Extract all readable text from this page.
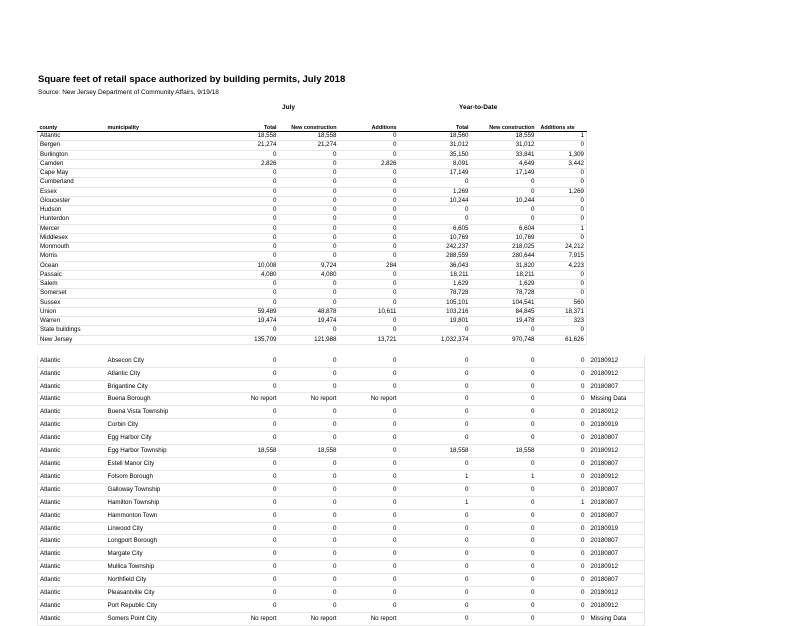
Square feet of retail space authorized by building permits, July 2018
Source: New Jersey Department of Community Affairs, 9/19/18
July	Year-to-Date
county	municipality	Total	New construction	Additions		Total	New construction	Additions ste	
Atlantic		18,558	18,558	0		18,560	18,559	1	
Bergen		21,274	21,274	0		31,012	31,012	0	
Burlington		0	0	0		35,150	33,841	1,309	
Camden		2,826	0	2,826		8,091	4,649	3,442	
Cape May		0	0	0		17,149	17,149	0	
Cumberland		0	0	0		0	0	0	
Essex		0	0	0		1,269	0	1,269	
Gloucester		0	0	0		10,244	10,244	0	
Hudson		0	0	0		0	0	0	
Hunterdon		0	0	0		0	0	0	
Mercer		0	0	0		6,605	6,604	1	
Middlesex		0	0	0		10,769	10,769	0	
Monmouth		0	0	0		242,237	218,025	24,212	
Morris		0	0	0		288,559	280,644	7,915	
Ocean		10,008	9,724	284		36,043	31,820	4,223	
Passaic		4,080	4,080	0		18,211	18,211	0	
Salem		0	0	0		1,629	1,629	0	
Somerset		0	0	0		78,728	78,728	0	
Sussex		0	0	0		105,101	104,541	560	
Union		59,489	48,878	10,611		103,216	84,845	18,371	
Warren		19,474	19,474	0		19,801	19,478	323	
State buildings		0	0	0		0	0	0	
New Jersey		135,709	121,988	13,721		1,032,374	970,748	61,626	

Atlantic	Absecon City	0	0	0		0	0	0	20180912
Atlantic	Atlantic City	0	0	0		0	0	0	20180912
Atlantic	Brigantine City	0	0	0		0	0	0	20180807
Atlantic	Buena Borough	No report	No report	No report		0	0	0	Missing Data
Atlantic	Buena Vista Township	0	0	0		0	0	0	20180912
Atlantic	Corbin City	0	0	0		0	0	0	20180919
Atlantic	Egg Harbor City	0	0	0		0	0	0	20180807
Atlantic	Egg Harbor Township	18,558	18,558	0		18,558	18,558	0	20180912
Atlantic	Estell Manor City	0	0	0		0	0	0	20180807
Atlantic	Folsom Borough	0	0	0		1	1	0	20180912
Atlantic	Galloway Township	0	0	0		0	0	0	20180807
Atlantic	Hamilton Township	0	0	0		1	0	1	20180807
Atlantic	Hammonton Town	0	0	0		0	0	0	20180807
Atlantic	Linwood City	0	0	0		0	0	0	20180919
Atlantic	Longport Borough	0	0	0		0	0	0	20180807
Atlantic	Margate City	0	0	0		0	0	0	20180807
Atlantic	Mullica Township	0	0	0		0	0	0	20180912
Atlantic	Northfield City	0	0	0		0	0	0	20180807
Atlantic	Pleasantville City	0	0	0		0	0	0	20180912
Atlantic	Port Republic City	0	0	0		0	0	0	20180912
Atlantic	Somers Point City	No report	No report	No report		0	0	0	Missing Data
